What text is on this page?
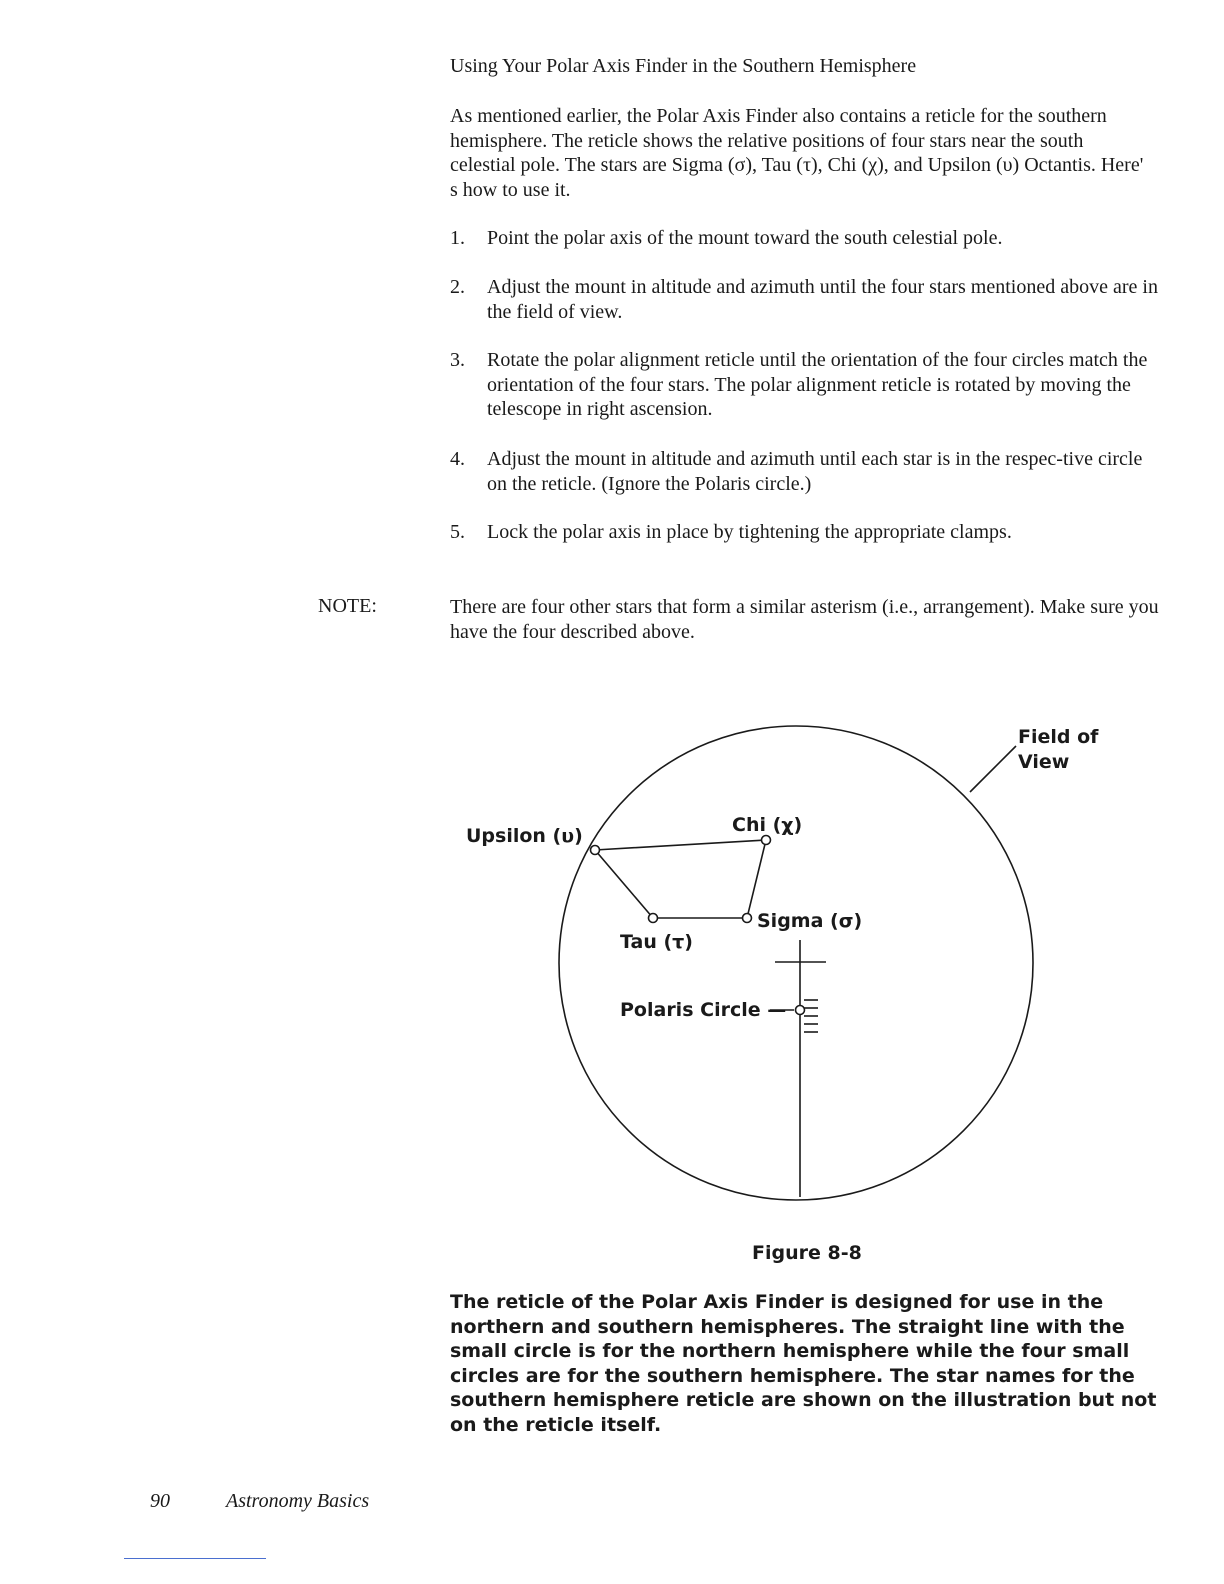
Using Your Polar Axis Finder in the Southern Hemisphere
As mentioned earlier, the Polar Axis Finder also contains a reticle for the southern hemisphere. The reticle shows the relative positions of four stars near the south celestial pole. The stars are Sigma (σ), Tau (τ), Chi (χ), and Upsilon (υ) Octantis. Here' s how to use it.
1. Point the polar axis of the mount toward the south celestial pole.
2. Adjust the mount in altitude and azimuth until the four stars mentioned above are in the field of view.
3. Rotate the polar alignment reticle until the orientation of the four circles match the orientation of the four stars. The polar alignment reticle is rotated by moving the telescope in right ascension.
4. Adjust the mount in altitude and azimuth until each star is in the respec-tive circle on the reticle. (Ignore the Polaris circle.)
5. Lock the polar axis in place by tightening the appropriate clamps.
NOTE:	There are four other stars that form a similar asterism (i.e., arrangement). Make sure you have the four described above.
Field of
View
Upsilon (υ)	Chi (χ)
Sigma (σ)
Tau (τ)
Polaris Circle —
Figure 8-8
The reticle of the Polar Axis Finder is designed for use in the northern and southern hemispheres. The straight line with the small circle is for the northern hemisphere while the four small circles are for the southern hemisphere. The star names for the southern hemisphere reticle are shown on the illustration but not on the reticle itself.
90	Astronomy Basics
